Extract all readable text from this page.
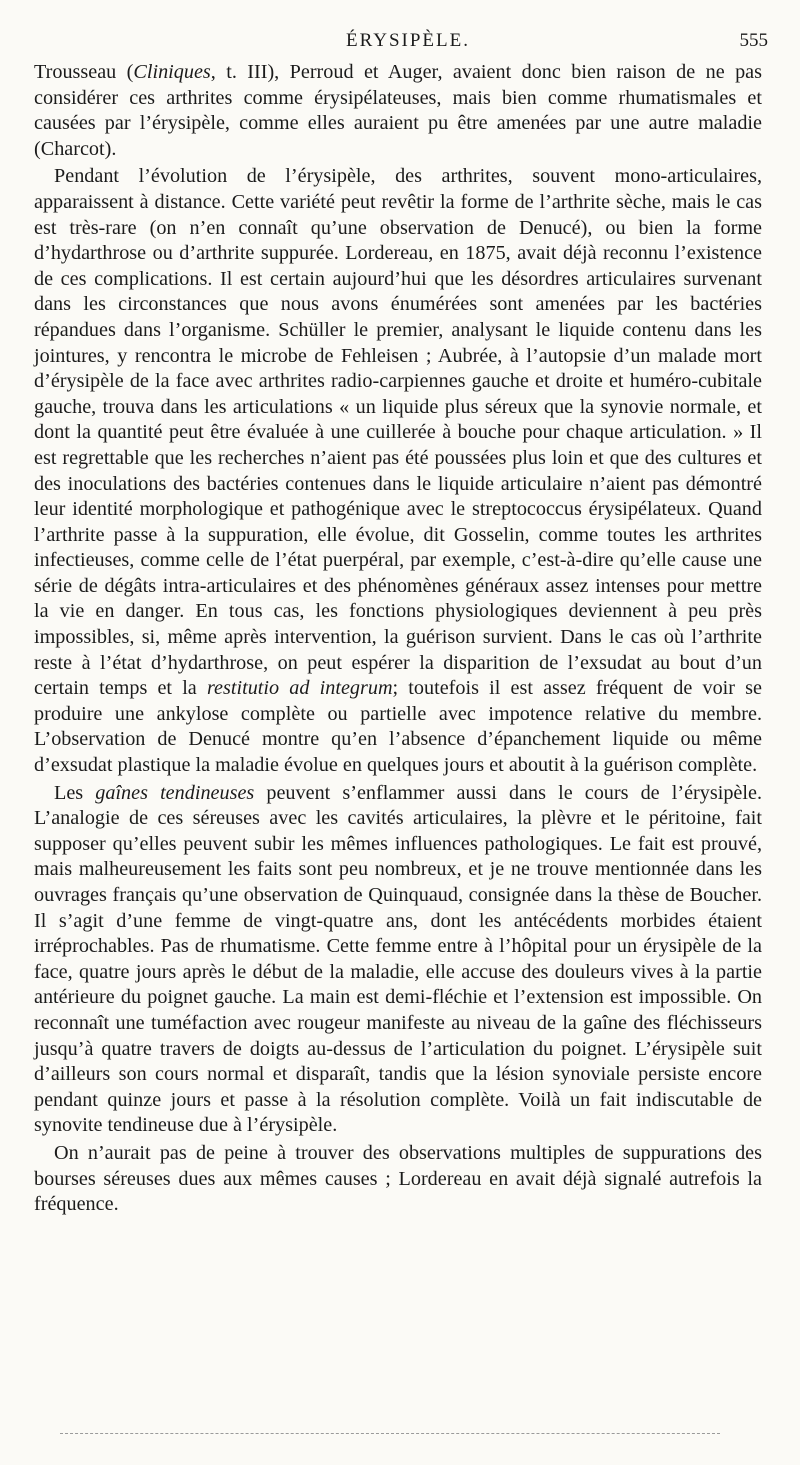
ÉRYSIPÈLE.	555

Trousseau (Cliniques, t. III), Perroud et Auger, avaient donc bien raison de ne pas considérer ces arthrites comme érysipélateuses, mais bien comme rhumatismales et causées par l’érysipèle, comme elles auraient pu être amenées par une autre maladie (Charcot).

Pendant l’évolution de l’érysipèle, des arthrites, souvent mono-articulaires, apparaissent à distance. Cette variété peut revêtir la forme de l’arthrite sèche, mais le cas est très-rare (on n’en connaît qu’une observation de Denucé), ou bien la forme d’hydarthrose ou d’arthrite suppurée. Lordereau, en 1875, avait déjà reconnu l’existence de ces complications. Il est certain aujourd’hui que les désordres articulaires survenant dans les circonstances que nous avons énumérées sont amenées par les bactéries répandues dans l’organisme. Schüller le premier, analysant le liquide contenu dans les jointures, y rencontra le microbe de Fehleisen ; Aubrée, à l’autopsie d’un malade mort d’érysipèle de la face avec arthrites radio-carpiennes gauche et droite et huméro-cubitale gauche, trouva dans les articulations « un liquide plus séreux que la synovie normale, et dont la quantité peut être évaluée à une cuillerée à bouche pour chaque articulation. » Il est regrettable que les recherches n’aient pas été poussées plus loin et que des cultures et des inoculations des bactéries contenues dans le liquide articulaire n’aient pas démontré leur identité morphologique et pathogénique avec le streptococcus érysipélateux. Quand l’arthrite passe à la suppuration, elle évolue, dit Gosselin, comme toutes les arthrites infectieuses, comme celle de l’état puerpéral, par exemple, c’est-à-dire qu’elle cause une série de dégâts intra-articulaires et des phénomènes généraux assez intenses pour mettre la vie en danger. En tous cas, les fonctions physiologiques deviennent à peu près impossibles, si, même après intervention, la guérison survient. Dans le cas où l’arthrite reste à l’état d’hydarthrose, on peut espérer la disparition de l’exsudat au bout d’un certain temps et la restitutio ad integrum; toutefois il est assez fréquent de voir se produire une ankylose complète ou partielle avec impotence relative du membre. L’observation de Denucé montre qu’en l’absence d’épanchement liquide ou même d’exsudat plastique la maladie évolue en quelques jours et aboutit à la guérison complète.

Les gaînes tendineuses peuvent s’enflammer aussi dans le cours de l’érysipèle. L’analogie de ces séreuses avec les cavités articulaires, la plèvre et le péritoine, fait supposer qu’elles peuvent subir les mêmes influences pathologiques. Le fait est prouvé, mais malheureusement les faits sont peu nombreux, et je ne trouve mentionnée dans les ouvrages français qu’une observation de Quinquaud, consignée dans la thèse de Boucher. Il s’agit d’une femme de vingt-quatre ans, dont les antécédents morbides étaient irréprochables. Pas de rhumatisme. Cette femme entre à l’hôpital pour un érysipèle de la face, quatre jours après le début de la maladie, elle accuse des douleurs vives à la partie antérieure du poignet gauche. La main est demi-fléchie et l’extension est impossible. On reconnaît une tuméfaction avec rougeur manifeste au niveau de la gaîne des fléchisseurs jusqu’à quatre travers de doigts au-dessus de l’articulation du poignet. L’érysipèle suit d’ailleurs son cours normal et disparaît, tandis que la lésion synoviale persiste encore pendant quinze jours et passe à la résolution complète. Voilà un fait indiscutable de synovite tendineuse due à l’érysipèle.

On n’aurait pas de peine à trouver des observations multiples de suppurations des bourses séreuses dues aux mêmes causes ; Lordereau en avait déjà signalé autrefois la fréquence.
